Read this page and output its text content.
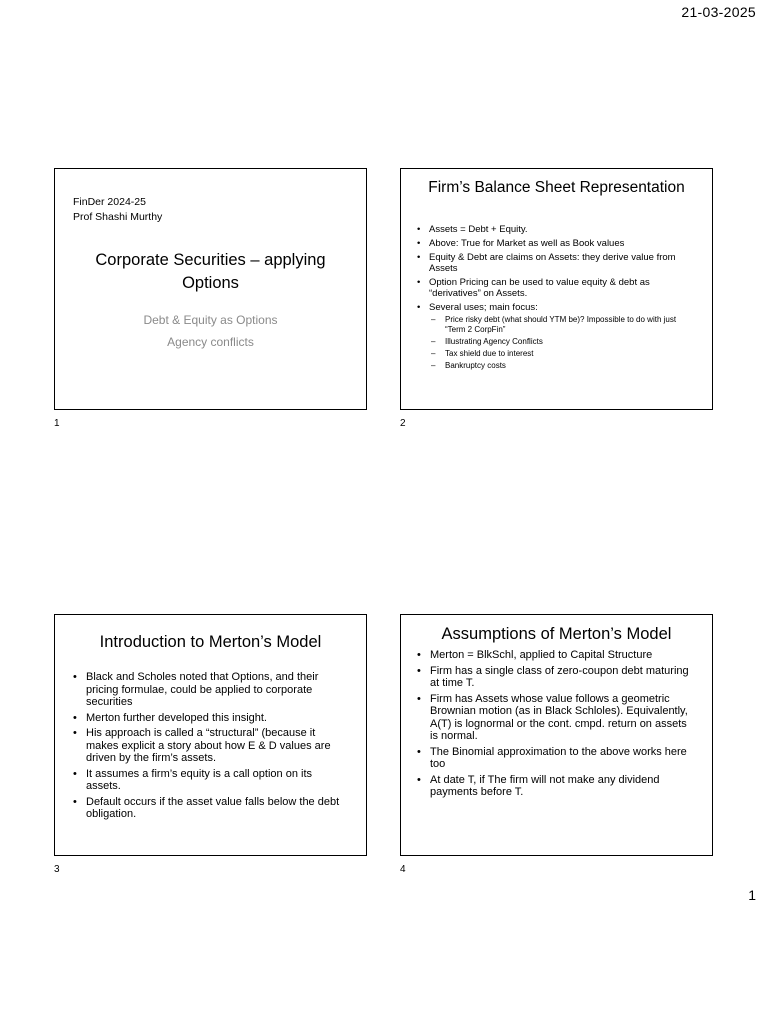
21-03-2025
FinDer 2024-25
Prof Shashi Murthy
Corporate Securities – applying Options
Debt & Equity as Options
Agency conflicts
1
Firm’s Balance Sheet Representation
• Assets = Debt + Equity.
• Above: True for Market as well as Book values
• Equity & Debt are claims on Assets: they derive value from Assets
• Option Pricing can be used to value equity & debt as “derivatives” on Assets.
• Several uses; main focus:
– Price risky debt (what should YTM be)? Impossible to do with just “Term 2 CorpFin”
– Illustrating Agency Conflicts
– Tax shield due to interest
– Bankruptcy costs
2
Introduction to Merton’s Model
• Black and Scholes noted that Options, and their pricing formulae, could be applied to corporate securities
• Merton further developed this insight.
• His approach is called a “structural” (because it makes explicit a story about how E & D values are driven by the firm’s assets.
• It assumes a firm’s equity is a call option on its assets.
• Default occurs if the asset value falls below the debt obligation.
3
Assumptions of Merton’s Model
• Merton = BlkSchl, applied to Capital Structure
• Firm has a single class of zero-coupon debt maturing at time T.
• Firm has Assets whose value follows a geometric Brownian motion (as in Black Schloles). Equivalently, A(T) is lognormal or the cont. cmpd. return on assets is normal.
• The Binomial approximation to the above works here too
• At date T, if The firm will not make any dividend payments before T.
4
1
